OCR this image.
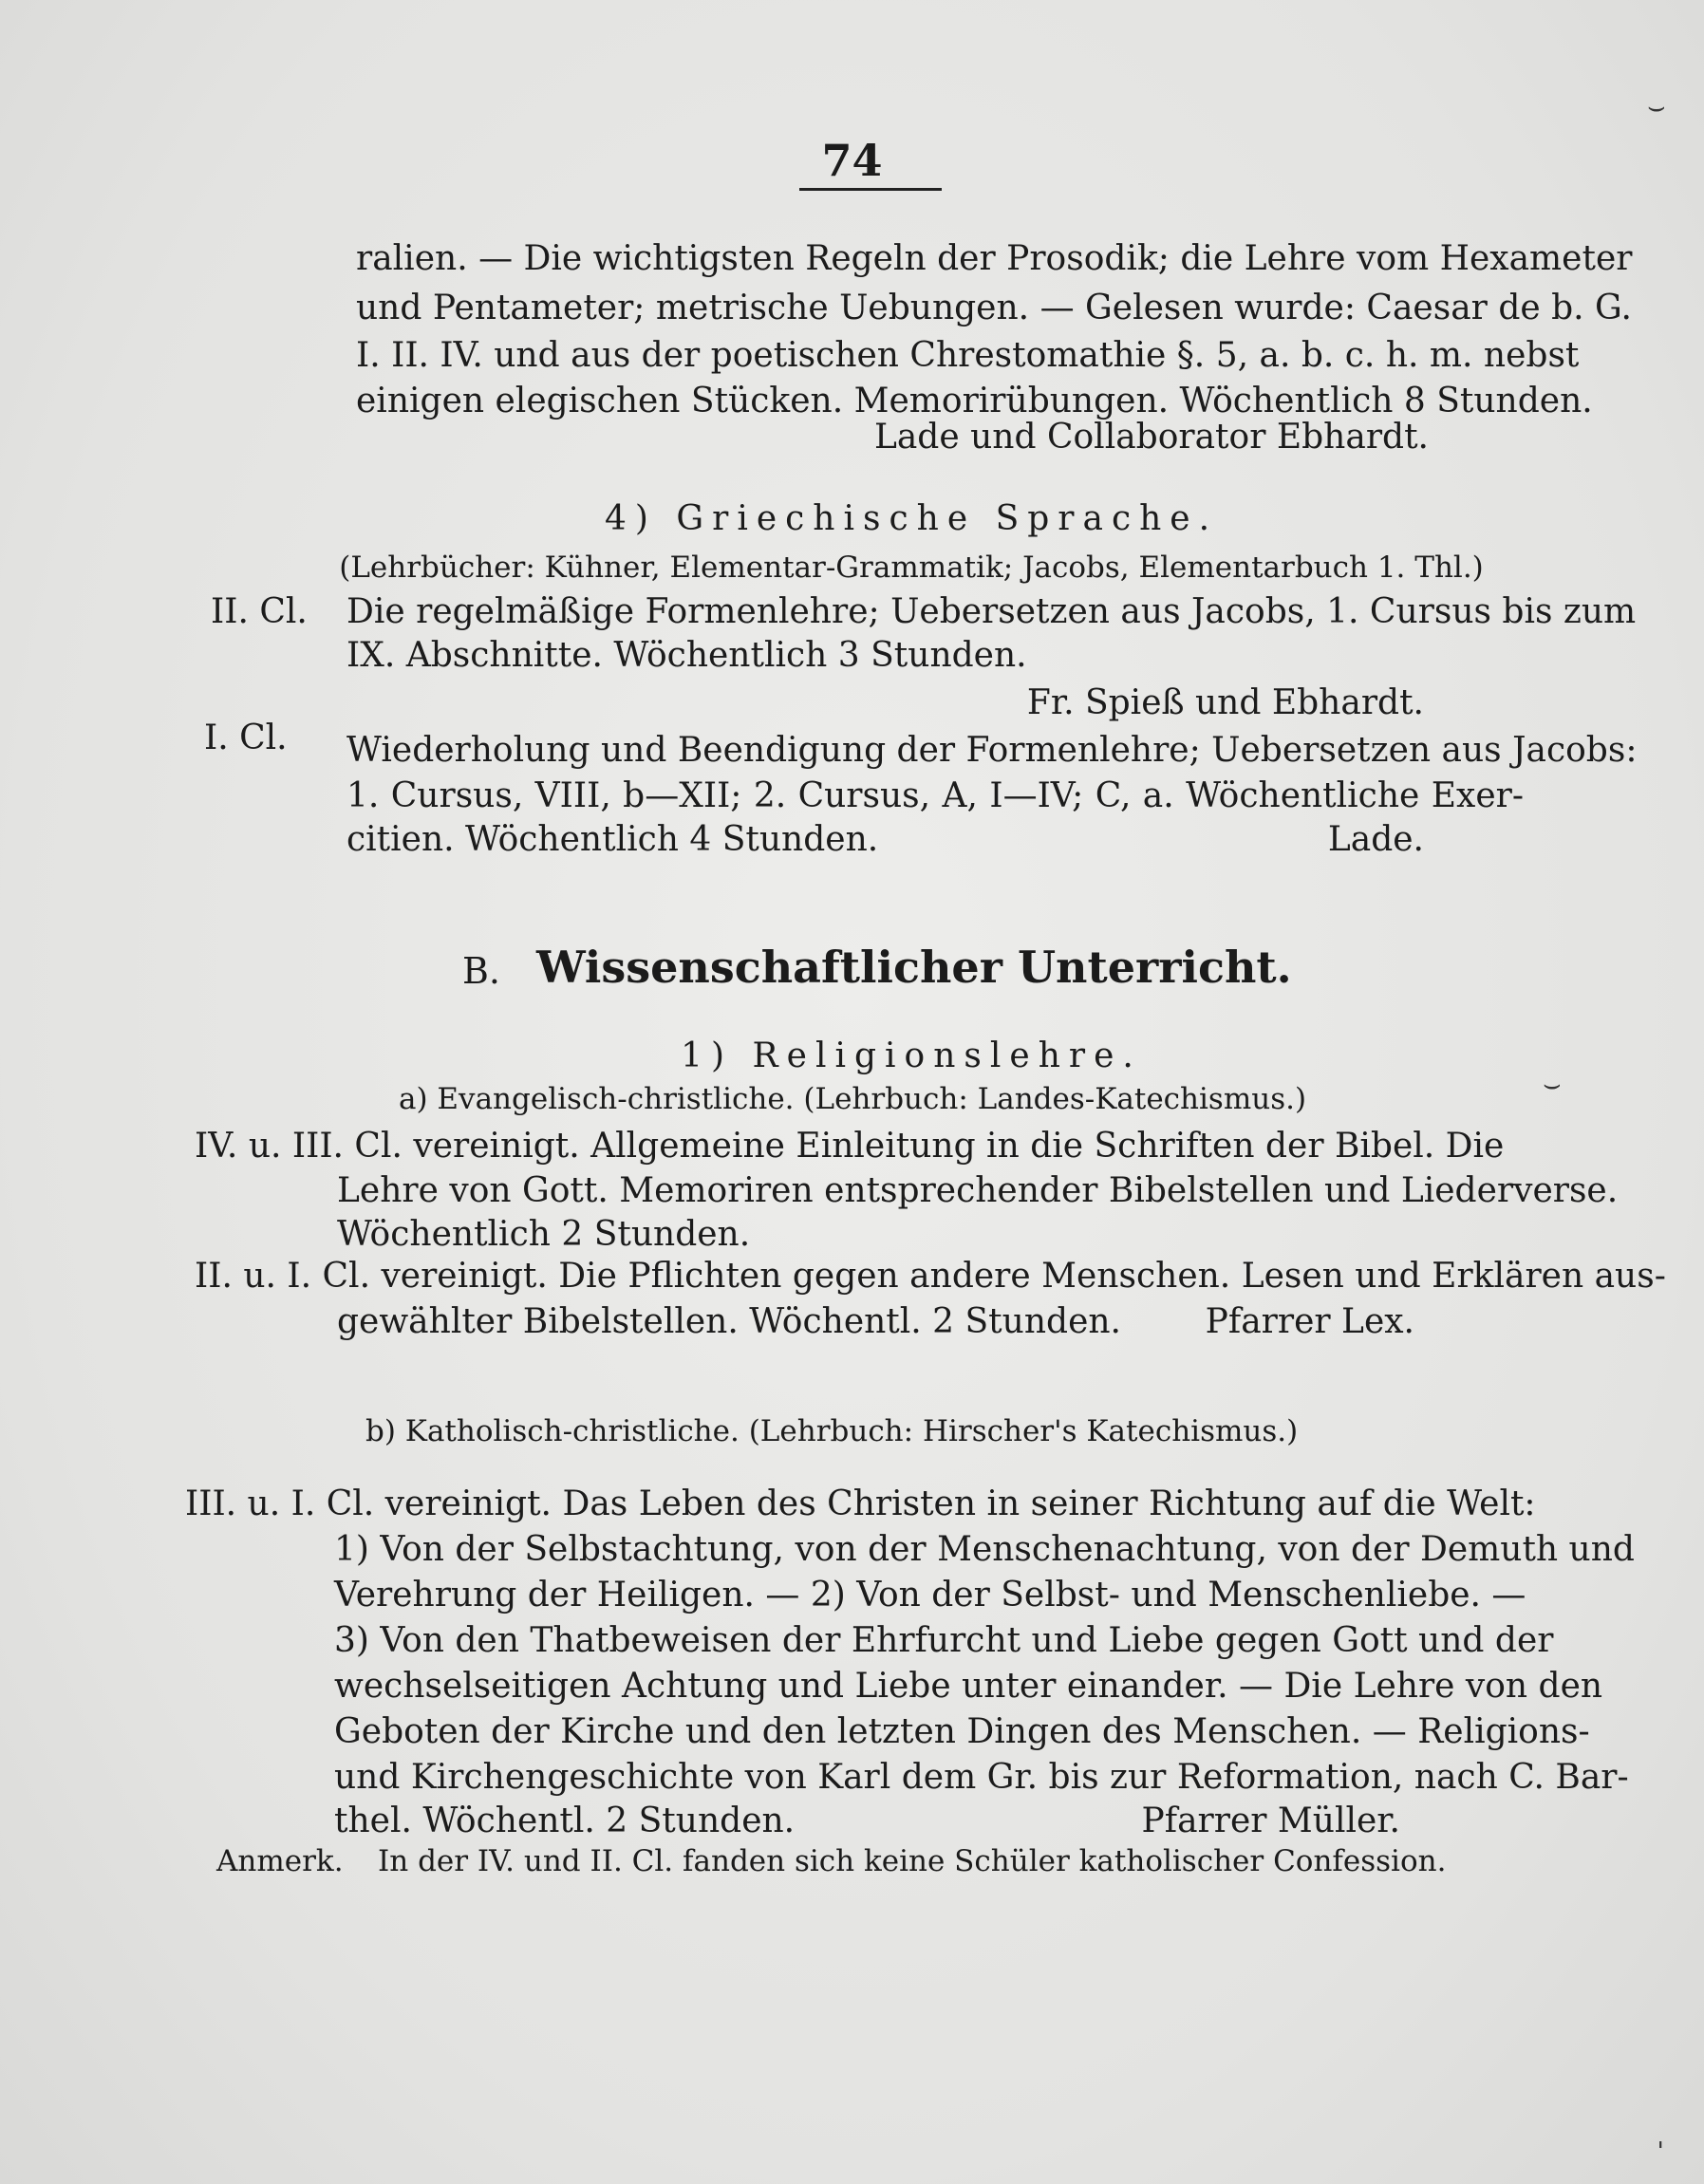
74
ralien. — Die wichtigsten Regeln der Prosodik; die Lehre vom Hexameter
und Pentameter; metrische Uebungen. — Gelesen wurde: Caesar de b. G.
I. II. IV. und aus der poetischen Chrestomathie §. 5, a. b. c. h. m. nebst
einigen elegischen Stücken. Memorirübungen. Wöchentlich 8 Stunden.
Lade und Collaborator Ebhardt.
4) Griechische Sprache.
(Lehrbücher: Kühner, Elementar-Grammatik; Jacobs, Elementarbuch 1. Thl.)
II. Cl. Die regelmäßige Formenlehre; Uebersetzen aus Jacobs, 1. Cursus bis zum
IX. Abschnitte. Wöchentlich 3 Stunden.
Fr. Spieß und Ebhardt.
I. Cl. Wiederholung und Beendigung der Formenlehre; Uebersetzen aus Jacobs:
1. Cursus, VIII, b—XII; 2. Cursus, A, I—IV; C, a. Wöchentliche Exer-
citien. Wöchentlich 4 Stunden.	Lade.
B. Wissenschaftlicher Unterricht.
1) Religionslehre.
a) Evangelisch-christliche. (Lehrbuch: Landes-Katechismus.)
IV. u. III. Cl. vereinigt. Allgemeine Einleitung in die Schriften der Bibel. Die
Lehre von Gott. Memoriren entsprechender Bibelstellen und Liederverse.
Wöchentlich 2 Stunden.
II. u. I. Cl. vereinigt. Die Pflichten gegen andere Menschen. Lesen und Erklären aus-
gewählter Bibelstellen. Wöchentl. 2 Stunden.	Pfarrer Lex.
b) Katholisch-christliche. (Lehrbuch: Hirscher's Katechismus.)
III. u. I. Cl. vereinigt. Das Leben des Christen in seiner Richtung auf die Welt:
1) Von der Selbstachtung, von der Menschenachtung, von der Demuth und
Verehrung der Heiligen. — 2) Von der Selbst- und Menschenliebe. —
3) Von den Thatbeweisen der Ehrfurcht und Liebe gegen Gott und der
wechselseitigen Achtung und Liebe unter einander. — Die Lehre von den
Geboten der Kirche und den letzten Dingen des Menschen. — Religions-
und Kirchengeschichte von Karl dem Gr. bis zur Reformation, nach C. Bar-
thel. Wöchentl. 2 Stunden.	Pfarrer Müller.
Anmerk. In der IV. und II. Cl. fanden sich keine Schüler katholischer Confession.
⌣
⌣
ˈ
